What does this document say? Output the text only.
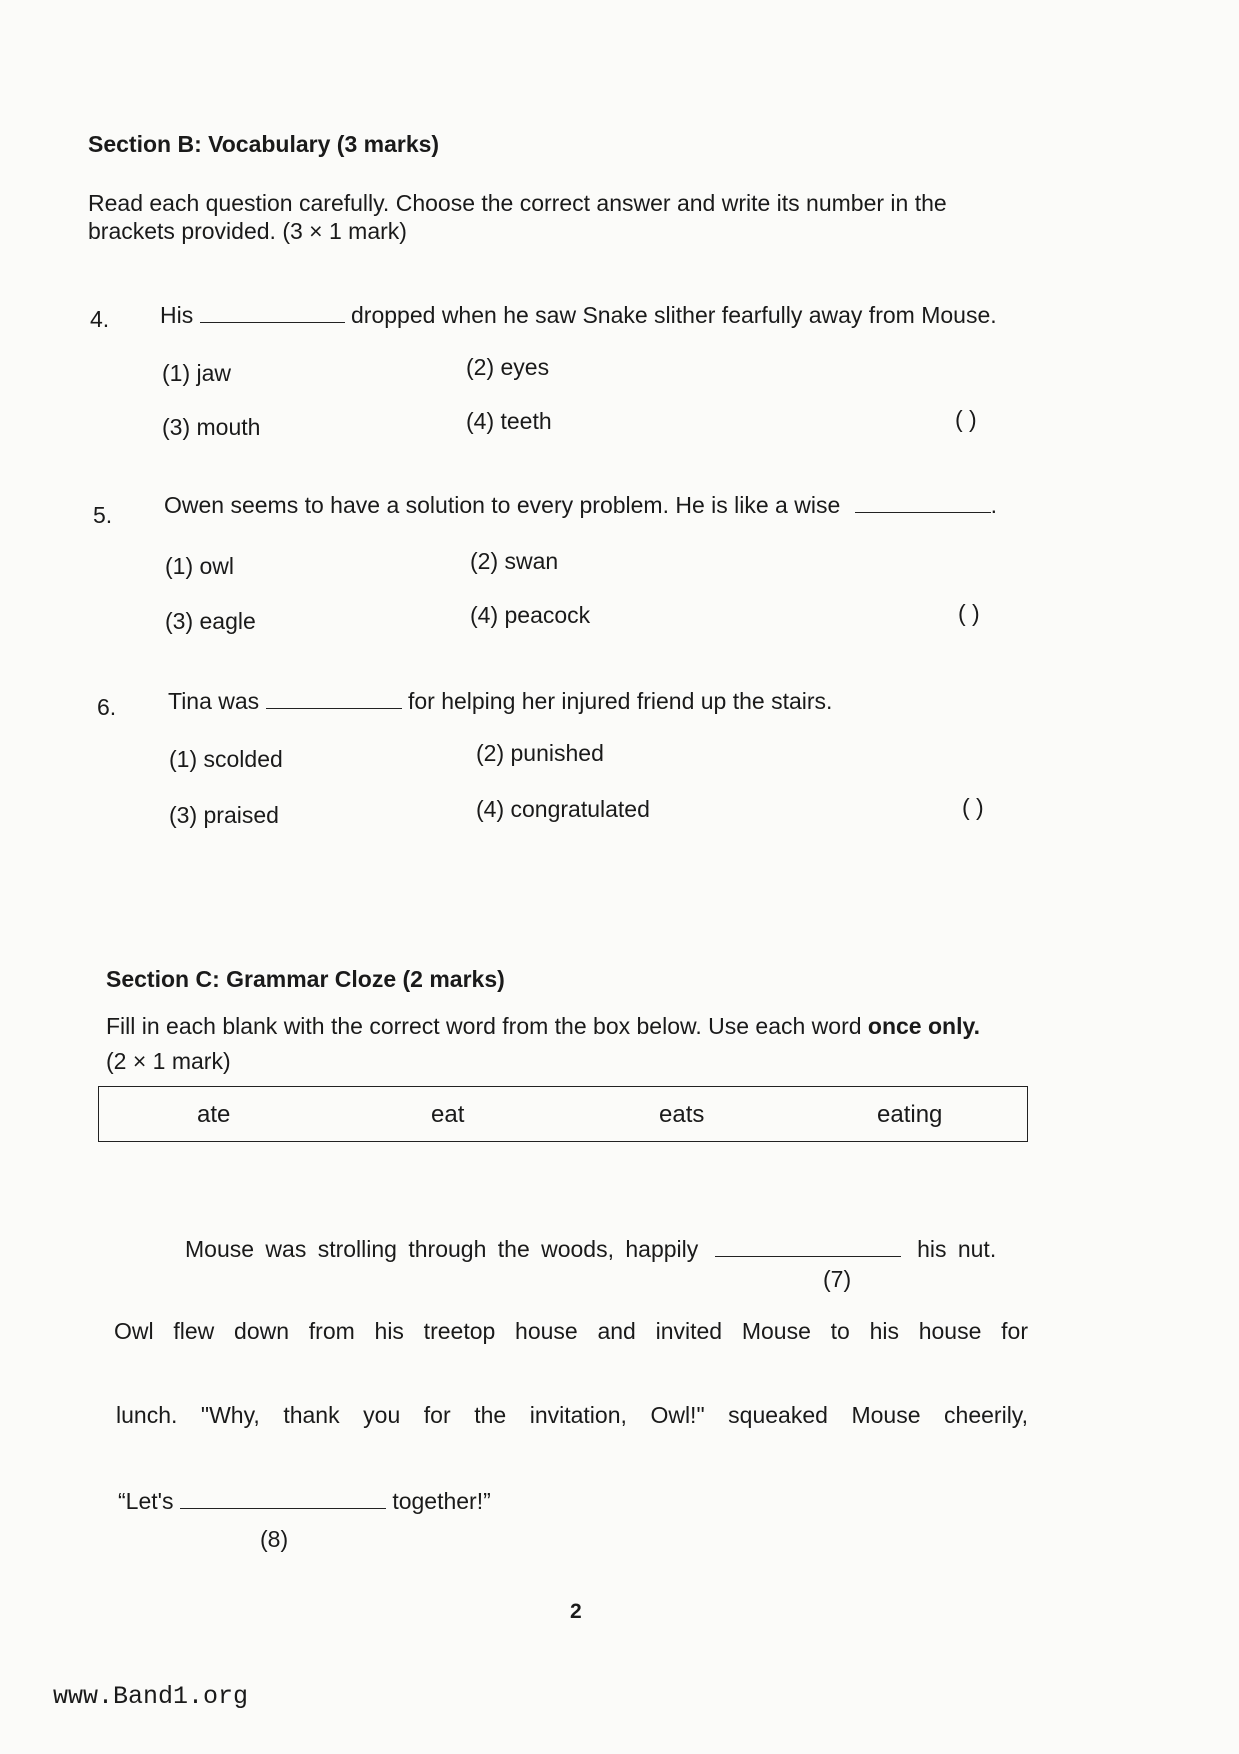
Section B: Vocabulary (3 marks)
Read each question carefully. Choose the correct answer and write its number in the
brackets provided. (3 × 1 mark)
4. His	dropped when he saw Snake slither fearfully away from Mouse.
(1) jaw	(2) eyes
(3) mouth	(4) teeth	( )
5. Owen seems to have a solution to every problem. He is like a wise	.
(1) owl	(2) swan
(3) eagle	(4) peacock	( )
6. Tina was	for helping her injured friend up the stairs.
(1) scolded	(2) punished
(3) praised	(4) congratulated	( )
Section C: Grammar Cloze (2 marks)
Fill in each blank with the correct word from the box below. Use each word once only.
(2 × 1 mark)
ate	eat	eats	eating
Mouse was strolling through the woods, happily	his nut.
(7)
Owl flew down from his treetop house and invited Mouse to his house for
lunch. "Why, thank you for the invitation, Owl!" squeaked Mouse cheerily,
“Let's	together!”
(8)
2
www.Band1.org
